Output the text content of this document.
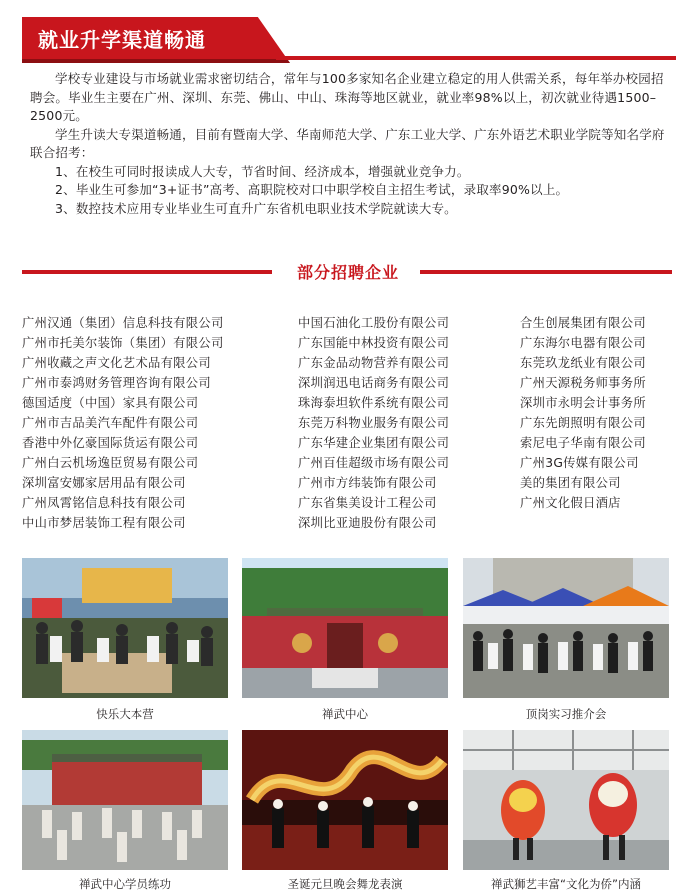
就业升学渠道畅通

学校专业建设与市场就业需求密切结合，常年与100多家知名企业建立稳定的用人供需关系，每年举办校园招聘会。毕业生主要在广州、深圳、东莞、佛山、中山、珠海等地区就业，就业率98%以上，初次就业待遇1500–2500元。

学生升读大专渠道畅通，目前有暨南大学、华南师范大学、广东工业大学、广东外语艺术职业学院等知名学府联合招考：

1、在校生可同时报读成人大专，节省时间、经济成本，增强就业竞争力。

2、毕业生可参加“3+证书”高考、高职院校对口中职学校自主招生考试，录取率90%以上。

3、数控技术应用专业毕业生可直升广东省机电职业技术学院就读大专。

部分招聘企业
广州汉通（集团）信息科技有限公司
广州市托美尔装饰（集团）有限公司
广州收藏之声文化艺术品有限公司
广州市泰鸿财务管理咨询有限公司
德国适度（中国）家具有限公司
广州市吉品美汽车配件有限公司
香港中外亿豪国际货运有限公司
广州白云机场逸臣贸易有限公司
深圳富安娜家居用品有限公司
广州凤霄铭信息科技有限公司
中山市梦居装饰工程有限公司
中国石油化工股份有限公司
广东国能中林投资有限公司
广东金品动物营养有限公司
深圳润迅电话商务有限公司
珠海泰坦软件系统有限公司
东莞万科物业服务有限公司
广东华建企业集团有限公司
广州百佳超级市场有限公司
广州市方纬装饰有限公司
广东省集美设计工程公司
深圳比亚迪股份有限公司
合生创展集团有限公司
广东海尔电器有限公司
东莞玖龙纸业有限公司
广州天源税务师事务所
深圳市永明会计事务所
广东先朗照明有限公司
索尼电子华南有限公司
广州3G传媒有限公司
美的集团有限公司
广州文化假日酒店
快乐大本营	禅武中心	顶岗实习推介会
禅武中心学员练功	圣诞元旦晚会舞龙表演	禅武狮艺丰富“文化为侨”内涵
